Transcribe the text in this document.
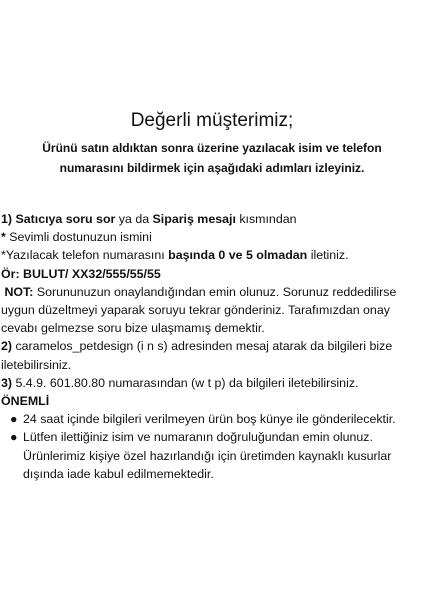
Değerli müşterimiz;

Ürünü satın aldıktan sonra üzerine yazılacak isim ve telefon numarasını bildirmek için aşağıdaki adımları izleyiniz.

1) Satıcıya soru sor ya da Sipariş mesajı kısmından

* Sevimli dostunuzun ismini

*Yazılacak telefon numarasını başında 0 ve 5 olmadan iletiniz.

Ör: BULUT/ XX32/555/55/55

NOT: Sorununuzun onaylandığından emin olunuz. Sorunuz reddedilirse uygun düzeltmeyi yaparak soruyu tekrar gönderiniz. Tarafımızdan onay cevabı gelmezse soru bize ulaşmamış demektir.

2) caramelos_petdesign (i n s) adresinden mesaj atarak da bilgileri bize iletebilirsiniz.

3) 5.4.9. 601.80.80 numarasından (w t p) da bilgileri iletebilirsiniz.

ÖNEMLİ

● 24 saat içinde bilgileri verilmeyen ürün boş künye ile gönderilecektir.
● Lütfen ilettiğiniz isim ve numaranın doğruluğundan emin olunuz. Ürünlerimiz kişiye özel hazırlandığı için üretimden kaynaklı kusurlar dışında iade kabul edilmemektedir.
